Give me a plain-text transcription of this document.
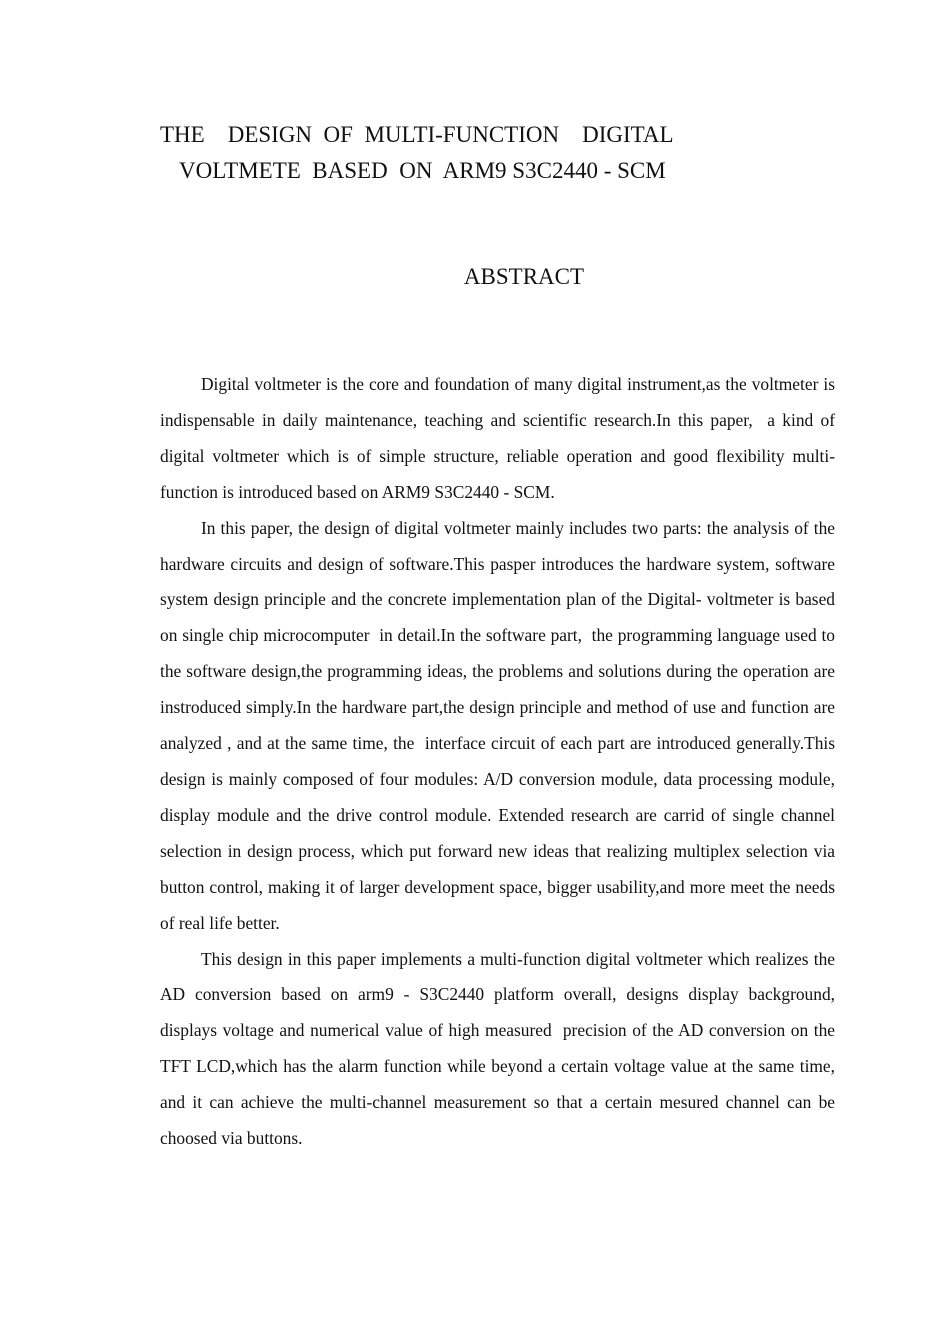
THE    DESIGN  OF  MULTI-FUNCTION    DIGITAL
VOLTMETE  BASED  ON  ARM9 S3C2440 - SCM
ABSTRACT

Digital voltmeter is the core and foundation of many digital instrument,as the voltmeter is indispensable in daily maintenance, teaching and scientific research.In this paper,  a kind of digital voltmeter which is of simple structure, reliable operation and good flexibility multi-function is introduced based on ARM9 S3C2440 - SCM.

In this paper, the design of digital voltmeter mainly includes two parts: the analysis of the hardware circuits and design of software.This pasper introduces the hardware system, software system design principle and the concrete implementation plan of the Digital- voltmeter is based on single chip microcomputer  in detail.In the software part,  the programming language used to the software design,the programming ideas, the problems and solutions during the operation are instroduced simply.In the hardware part,the design principle and method of use and function are analyzed , and at the same time, the  interface circuit of each part are introduced generally.This design is mainly composed of four modules: A/D conversion module, data processing module, display module and the drive control module. Extended research are carrid of single channel selection in design process, which put forward new ideas that realizing multiplex selection via button control, making it of larger development space, bigger usability,and more meet the needs of real life better.

This design in this paper implements a multi-function digital voltmeter which realizes the AD conversion based on arm9 - S3C2440 platform overall, designs display background, displays voltage and numerical value of high measured  precision of the AD conversion on the TFT LCD,which has the alarm function while beyond a certain voltage value at the same time, and it can achieve the multi-channel measurement so that a certain mesured channel can be choosed via buttons.
